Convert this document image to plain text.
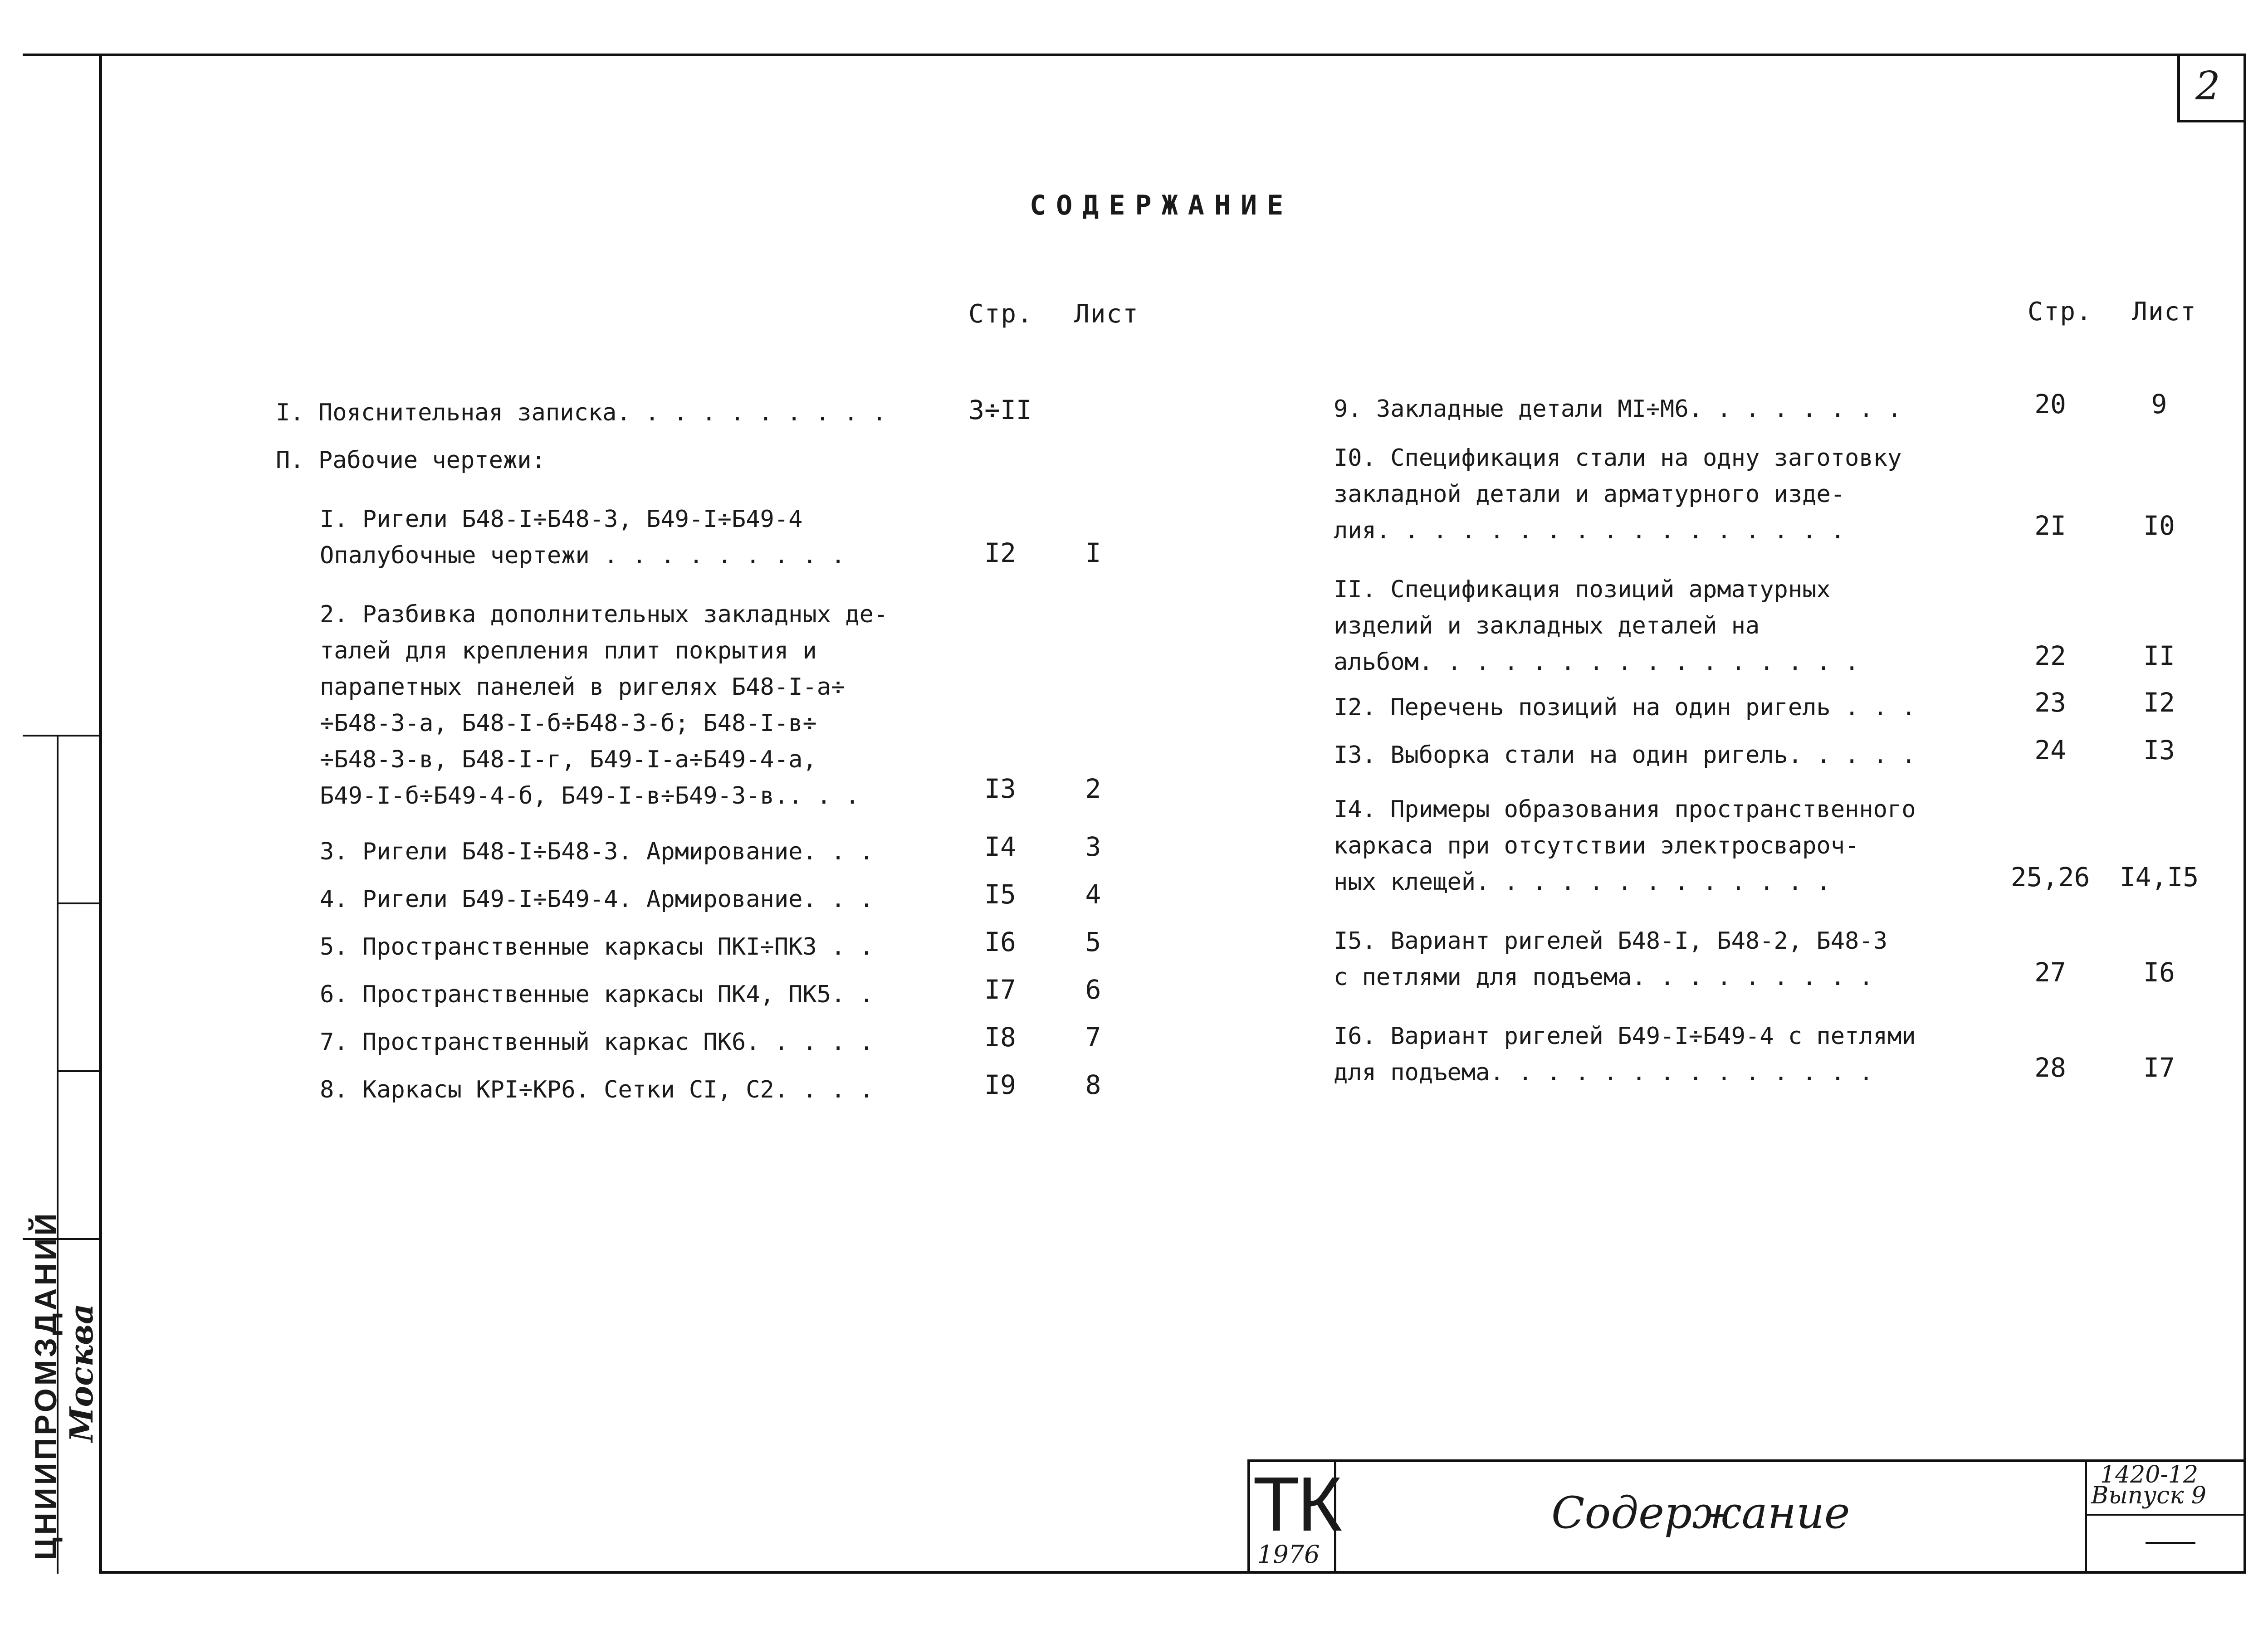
2
ЦНИИПРОМЗДАНИЙ Москва
СОДЕРЖАНИЕ
Стр. Лист	Стр. Лист
I. Пояснительная записка. . . . . . . . . .	3÷II
П. Рабочие чертежи:
I. Ригели Б48-I÷Б48-3, Б49-I÷Б49-4
Опалубочные чертежи . . . . . . . . .	I2	I
2. Разбивка дополнительных закладных де-
талей для крепления плит покрытия и
парапетных панелей в ригелях Б48-I-а÷
÷Б48-3-а, Б48-I-б÷Б48-3-б; Б48-I-в÷
÷Б48-3-в, Б48-I-г, Б49-I-а÷Б49-4-а,
Б49-I-б÷Б49-4-б, Б49-I-в÷Б49-3-в.. . .	I3	2
3. Ригели Б48-I÷Б48-3. Армирование. . .	I4	3
4. Ригели Б49-I÷Б49-4. Армирование. . .	I5	4
5. Пространственные каркасы ПКI÷ПК3 . .	I6	5
6. Пространственные каркасы ПК4, ПК5. .	I7	6
7. Пространственный каркас ПК6. . . . .	I8	7
8. Каркасы КРI÷КР6. Сетки СI, С2. . . .	I9	8
9. Закладные детали МI÷М6. . . . . . . .	20	9
I0. Спецификация стали на одну заготовку
закладной детали и арматурного изде-
лия. . . . . . . . . . . . . . . . .	2I	I0
II. Спецификация позиций арматурных
изделий и закладных деталей на
альбом. . . . . . . . . . . . . . . .	22	II
I2. Перечень позиций на один ригель . . .	23	I2
I3. Выборка стали на один ригель. . . . .	24	I3
I4. Примеры образования пространственного
каркаса при отсутствии электросвароч-
ных клещей. . . . . . . . . . . . .	25,26 I4,I5
I5. Вариант ригелей Б48-I, Б48-2, Б48-3
с петлями для подъема. . . . . . . . .	27	I6
I6. Вариант ригелей Б49-I÷Б49-4 с петлями
для подъема. . . . . . . . . . . . . .	28	I7
ТК
1976
Содержание
1420-12
Выпуск 9
